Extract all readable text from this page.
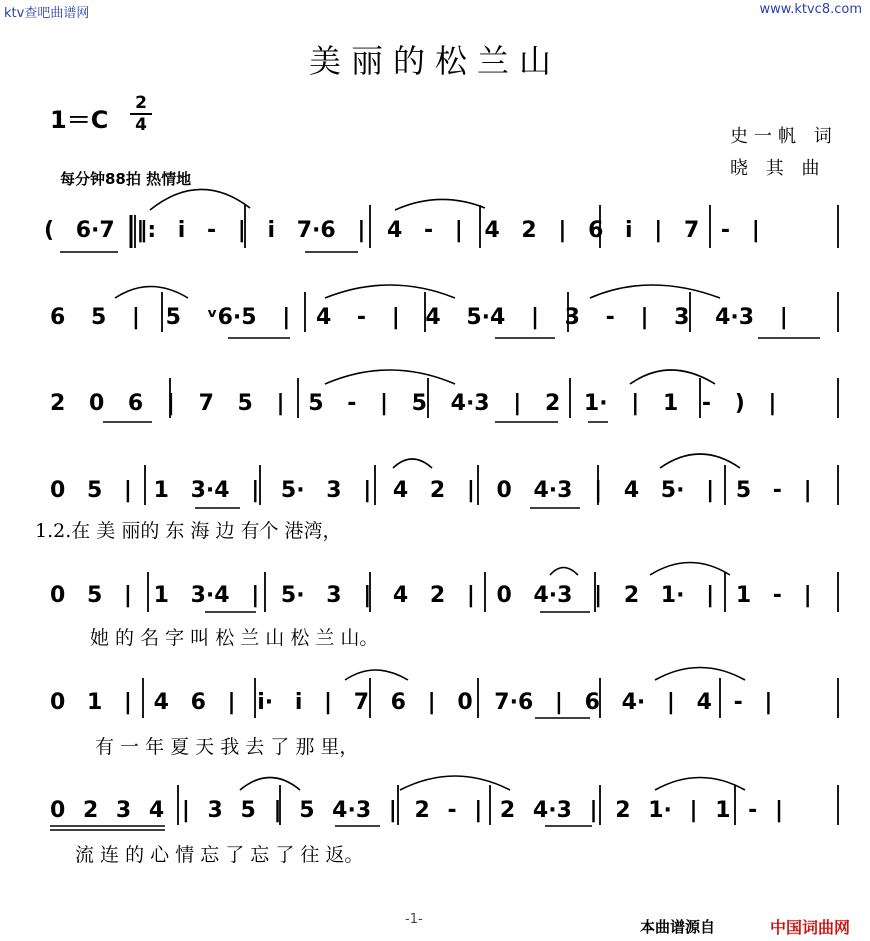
ktv查吧曲谱网	www.ktvc8.com
美丽的松兰山
1＝C
2
4
史一帆 词
晓 其 曲
每分钟88拍 热情地
( 6·7 ‖: i - | i 7·6 | 4 - | 4 2 | 6 i | 7 - |
6 5 | 5 ᵛ6·5 | 4 - | 4 5·4 | 3 - | 3 4·3 |
2 0 6 | 7 5 | 5 - | 5 4·3 | 2 1· | 1 - ) |
0 5 | 1 3·4 | 5· 3 | 4 2 | 0 4·3 | 4 5· | 5 - |
1.2.在 美 丽的 东 海 边 有个 港湾，
0 5 | 1 3·4 | 5· 3 | 4 2 | 0 4·3 | 2 1· | 1 - |
她 的 名 字 叫 松 兰 山 松 兰 山。
0 1 | 4 6 | i· i | 7 6 | 0 7·6 | 6 4· | 4 - |
有 一 年 夏 天 我 去 了 那 里，
0 2 3 4 | 3 5 | 5 4·3 | 2 - | 2 4·3 | 2 1· | 1 - |
流 连 的 心 情 忘 了 忘 了 往 返。
-1-	本曲谱源自	中国词曲网
